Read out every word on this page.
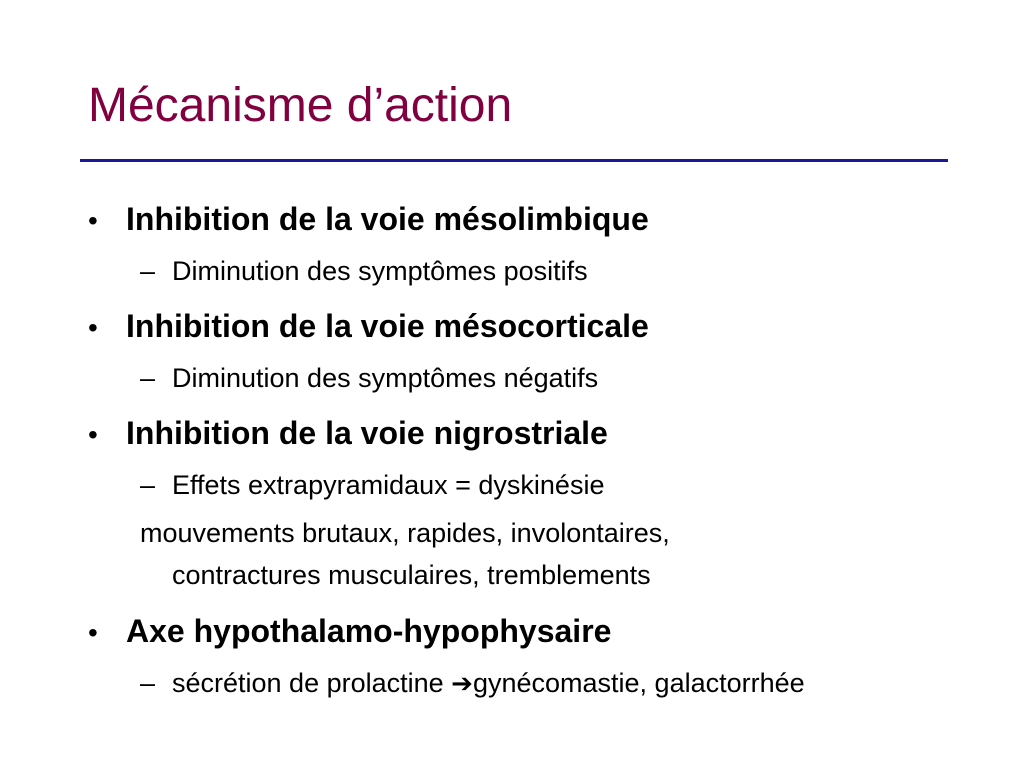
Mécanisme d’action
• Inhibition de la voie mésolimbique
– Diminution des symptômes positifs
• Inhibition de la voie mésocorticale
– Diminution des symptômes négatifs
• Inhibition de la voie nigrostriale
– Effets extrapyramidaux = dyskinésie
mouvements brutaux, rapides, involontaires,
contractures musculaires, tremblements
• Axe hypothalamo-hypophysaire
– sécrétion de prolactine ➔gynécomastie, galactorrhée
